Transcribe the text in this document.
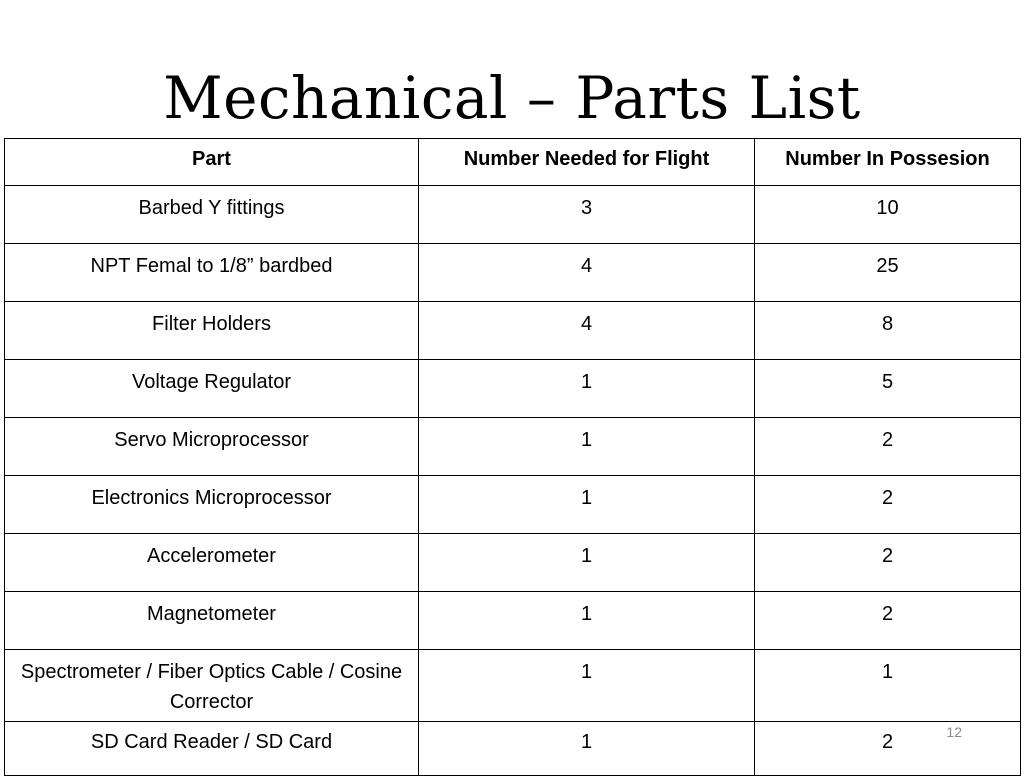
Mechanical – Parts List
Part	Number Needed for Flight	Number In Possesion
Barbed Y fittings	3	10
NPT Femal to 1/8” bardbed	4	25
Filter Holders	4	8
Voltage Regulator	1	5
Servo Microprocessor	1	2
Electronics Microprocessor	1	2
Accelerometer	1	2
Magnetometer	1	2
Spectrometer / Fiber Optics Cable / Cosine Corrector	1	1
SD Card Reader / SD Card	1	2	12
